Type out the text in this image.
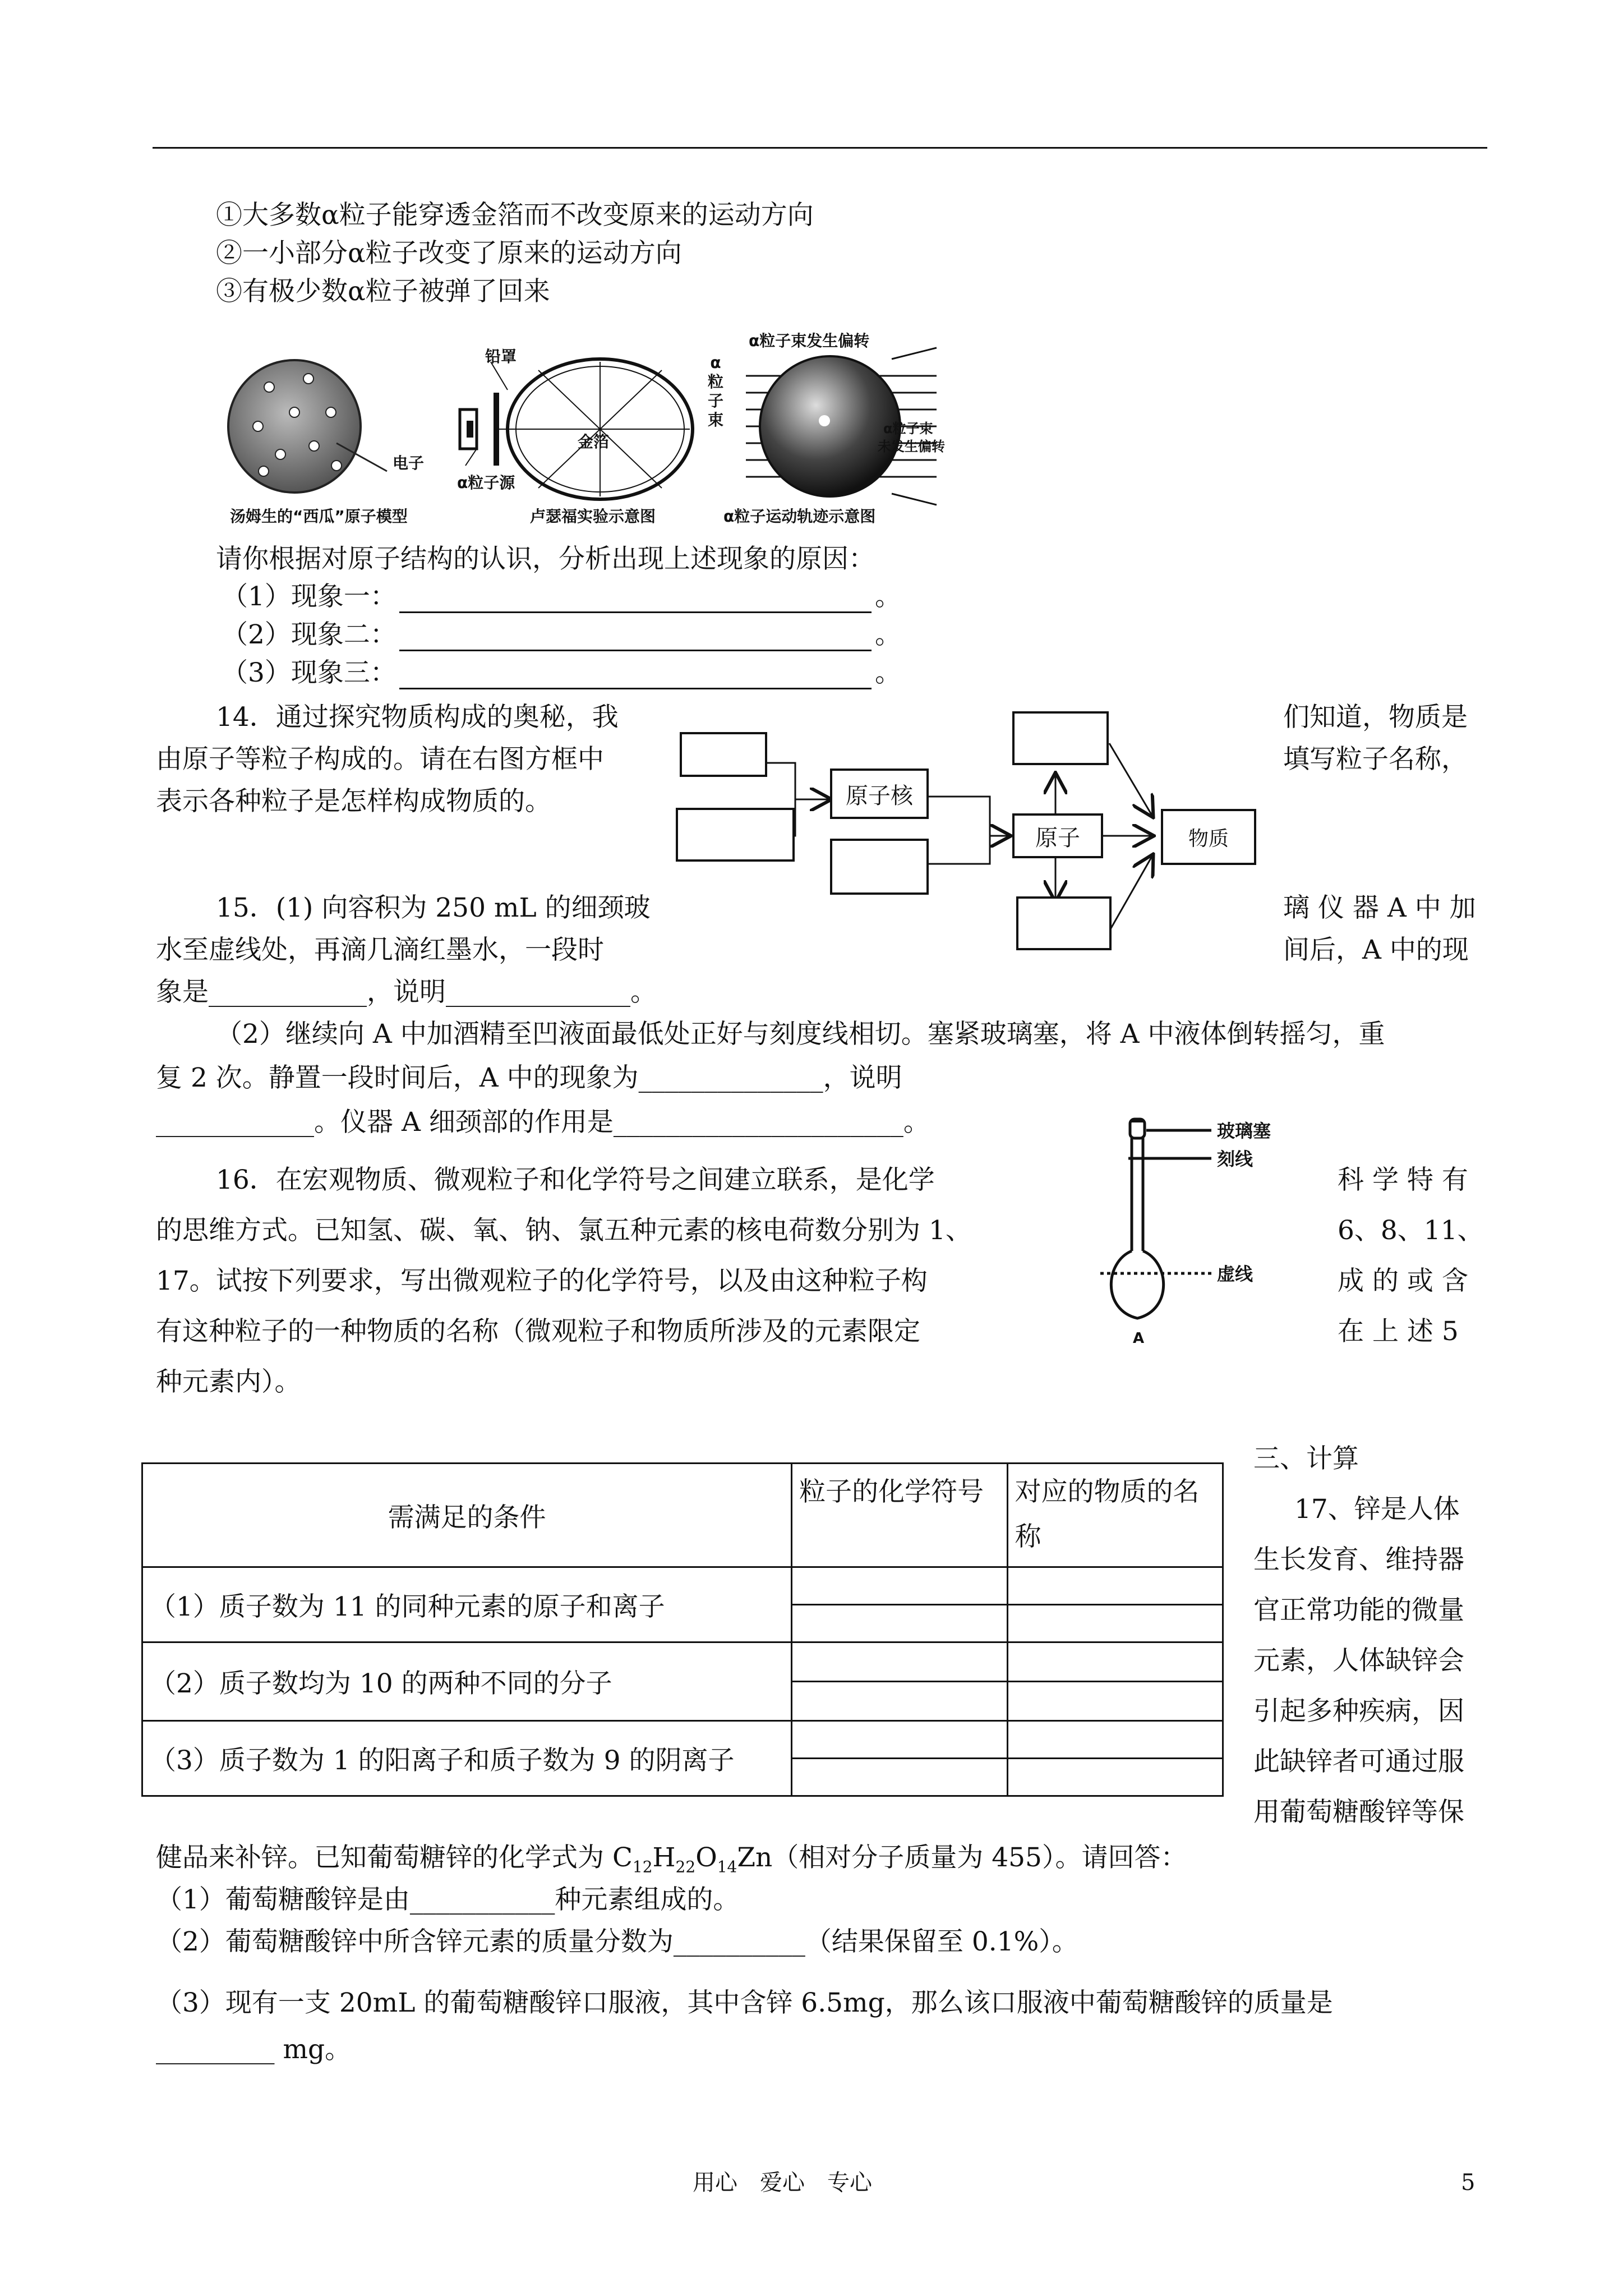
①大多数α粒子能穿透金箔而不改变原来的运动方向
②一小部分α粒子改变了原来的运动方向
③有极少数α粒子被弹了回来
电子
汤姆生的“西瓜”原子模型
铅罩
金箔
α粒子源
卢瑟福实验示意图
α粒子束发生偏转
α
粒
子
束	α粒子束
未发生偏转
α粒子运动轨迹示意图
请你根据对原子结构的认识，分析出现上述现象的原因：
（1）现象一：	。
（2）现象二：	。
（3）现象三：	。
14．通过探究物质构成的奥秘，我
由原子等粒子构成的。请在右图方框中
表示各种粒子是怎样构成物质的。
们知道，物质是
填写粒子名称，
原子核
原子	物质
15．(1) 向容积为 250 mL 的细颈玻	璃 仪 器 A 中 加
水至虚线处，再滴几滴红墨水，一段时	间后，A 中的现
象是____________，说明______________。
（2）继续向 A 中加酒精至凹液面最低处正好与刻度线相切。塞紧玻璃塞，将 A 中液体倒转摇匀，重
复 2 次。静置一段时间后，A 中的现象为______________，说明
____________。仪器 A 细颈部的作用是______________________。	玻璃塞
刻线
虚线
A
16．在宏观物质、微观粒子和化学符号之间建立联系，是化学
的思维方式。已知氢、碳、氧、钠、氯五种元素的核电荷数分别为 1、
17。试按下列要求，写出微观粒子的化学符号，以及由这种粒子构
有这种粒子的一种物质的名称（微观粒子和物质所涉及的元素限定
种元素内）。
科 学 特 有
6、8、11、
成 的 或 含
在 上 述 5
需满足的条件	粒子的化学符号	对应的物质的名称
（1）质子数为 11 的同种元素的原子和离子		

（2）质子数均为 10 的两种不同的分子		

（3）质子数为 1 的阳离子和质子数为 9 的阴离子		

三、计算
17、锌是人体
生长发育、维持器
官正常功能的微量
元素，人体缺锌会
引起多种疾病，因
此缺锌者可通过服
用葡萄糖酸锌等保
健品来补锌。已知葡萄糖锌的化学式为 $C_{12}H_{22}O_{14}Zn$（相对分子质量为 455）。请回答：
（1）葡萄糖酸锌是由___________种元素组成的。
（2）葡萄糖酸锌中所含锌元素的质量分数为__________（结果保留至 0.1%）。
（3）现有一支 20mL 的葡萄糖酸锌口服液，其中含锌 6.5mg，那么该口服液中葡萄糖酸锌的质量是
_________ mg。
用心　爱心　专心	5
